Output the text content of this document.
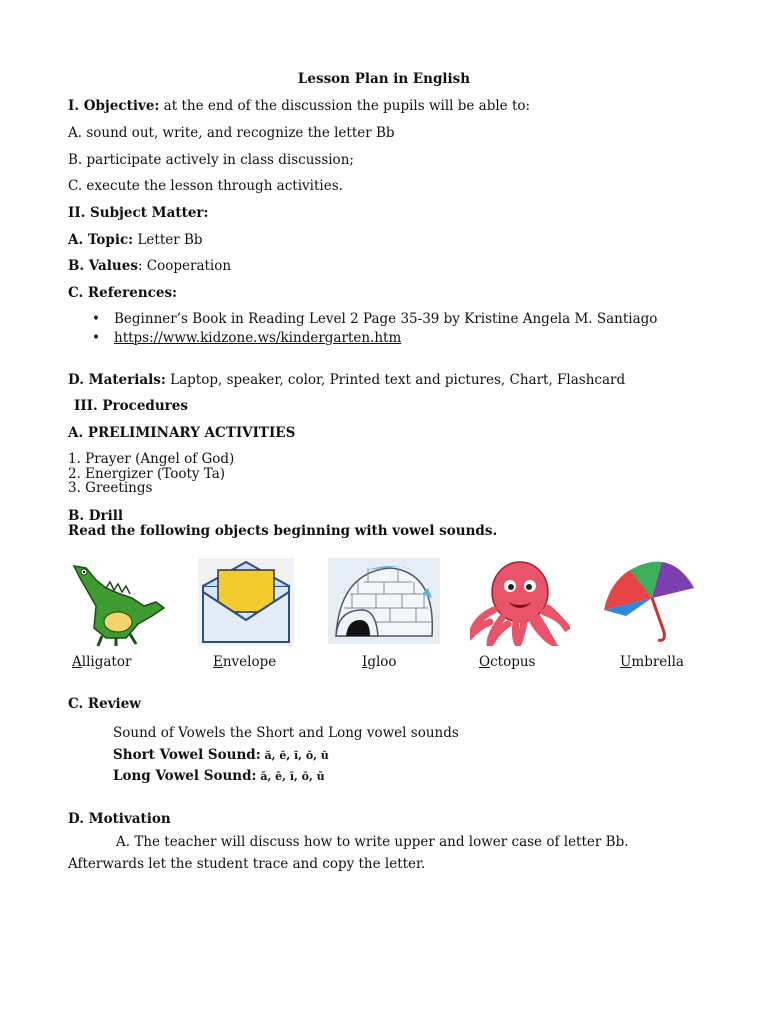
Lesson Plan in English
I. Objective: at the end of the discussion the pupils will be able to:
A. sound out, write, and recognize the letter Bb
B. participate actively in class discussion;
C. execute the lesson through activities.
II. Subject Matter:
A. Topic: Letter Bb
B. Values: Cooperation
C. References:
• Beginner’s Book in Reading Level 2 Page 35-39 by Kristine Angela M. Santiago
• https://www.kidzone.ws/kindergarten.htm
D. Materials: Laptop, speaker, color, Printed text and pictures, Chart, Flashcard
III. Procedures
A. PRELIMINARY ACTIVITIES
1. Prayer (Angel of God)
2. Energizer (Tooty Ta)
3. Greetings
B. Drill
Read the following objects beginning with vowel sounds.
Alligator	Envelope	Igloo	Octopus	Umbrella
C. Review
Sound of Vowels the Short and Long vowel sounds
Short Vowel Sound: ă, ĕ, ĭ, ŏ, ŭ
Long Vowel Sound: ā, ē, ī, ō, ū
D. Motivation
A. The teacher will discuss how to write upper and lower case of letter Bb. Afterwards let the student trace and copy the letter.
